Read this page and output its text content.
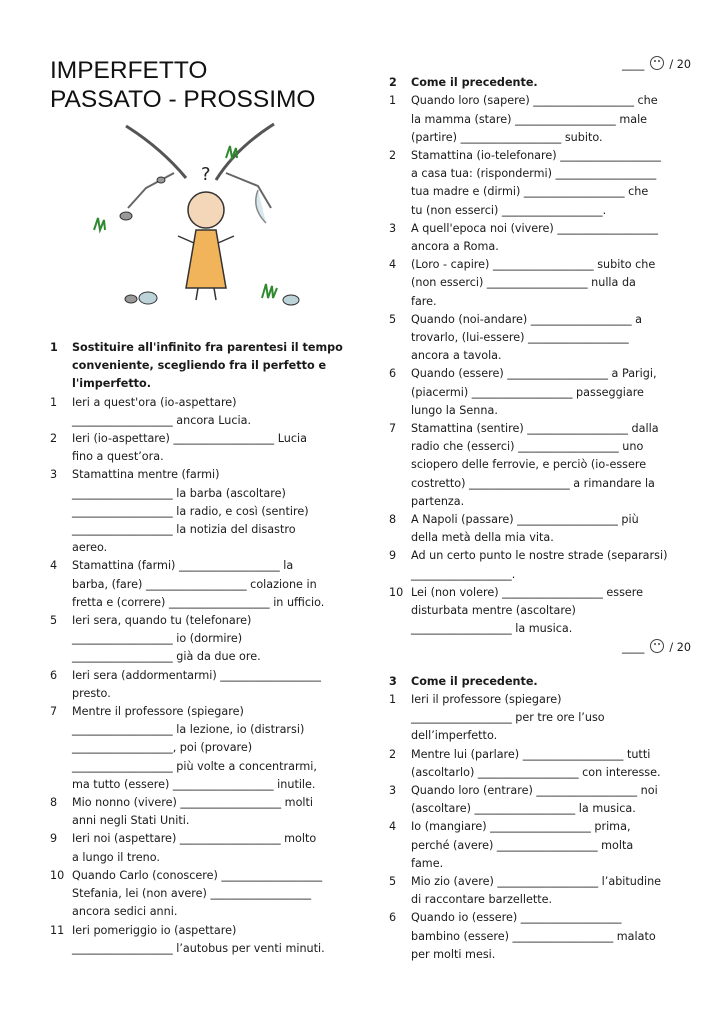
IMPERFETTO
PASSATO - PROSSIMO
?
1	Sostituire all'infinito fra parentesi il tempo conveniente, scegliendo fra il perfetto e l'imperfetto.
1	Ieri a quest'ora (io-aspettare)
__________________ ancora Lucia.
2	Ieri (io-aspettare) __________________ Lucia
fino a quest’ora.
3	Stamattina mentre (farmi)
__________________ la barba (ascoltare)
__________________ la radio, e così (sentire)
__________________ la notizia del disastro
aereo.
4	Stamattina (farmi) __________________ la
barba, (fare) __________________ colazione in
fretta e (correre) __________________ in ufficio.
5	Ieri sera, quando tu (telefonare)
__________________ io (dormire)
__________________ già da due ore.
6	Ieri sera (addormentarmi) __________________
presto.
7	Mentre il professore (spiegare)
__________________ la lezione, io (distrarsi)
__________________, poi (provare)
__________________ più volte a concentrarmi,
ma tutto (essere) __________________ inutile.
8	Mio nonno (vivere) __________________ molti
anni negli Stati Uniti.
9	Ieri noi (aspettare) __________________ molto
a lungo il treno.
10 Quando Carlo (conoscere) __________________
Stefania, lei (non avere) __________________
ancora sedici anni.
11 Ieri pomeriggio io (aspettare)
__________________ l’autobus per venti minuti.
____  / 20
2	Come il precedente.
1	Quando loro (sapere) __________________ che
la mamma (stare) __________________ male
(partire) __________________ subito.
2	Stamattina (io-telefonare) __________________
a casa tua: (rispondermi) __________________
tua madre e (dirmi) __________________ che
tu (non esserci) __________________.
3	A quell'epoca noi (vivere) __________________
ancora a Roma.
4	(Loro - capire) __________________ subito che
(non esserci) __________________ nulla da
fare.
5	Quando (noi-andare) __________________ a
trovarlo, (lui-essere) __________________
ancora a tavola.
6	Quando (essere) __________________ a Parigi,
(piacermi) __________________ passeggiare
lungo la Senna.
7	Stamattina (sentire) __________________ dalla
radio che (esserci) __________________ uno
sciopero delle ferrovie, e perciò (io-essere
costretto) __________________ a rimandare la
partenza.
8	A Napoli (passare) __________________ più
della metà della mia vita.
9	Ad un certo punto le nostre strade (separarsi)
__________________.
10 Lei (non volere) __________________ essere
disturbata mentre (ascoltare)
__________________ la musica.
____  / 20
3	Come il precedente.
1	Ieri il professore (spiegare)
__________________ per tre ore l’uso
dell’imperfetto.
2	Mentre lui (parlare) __________________ tutti
(ascoltarlo) __________________ con interesse.
3	Quando loro (entrare) __________________ noi
(ascoltare) __________________ la musica.
4	Io (mangiare) __________________ prima,
perché (avere) __________________ molta
fame.
5	Mio zio (avere) __________________ l’abitudine
di raccontare barzellette.
6	Quando io (essere) __________________
bambino (essere) __________________ malato
per molti mesi.
